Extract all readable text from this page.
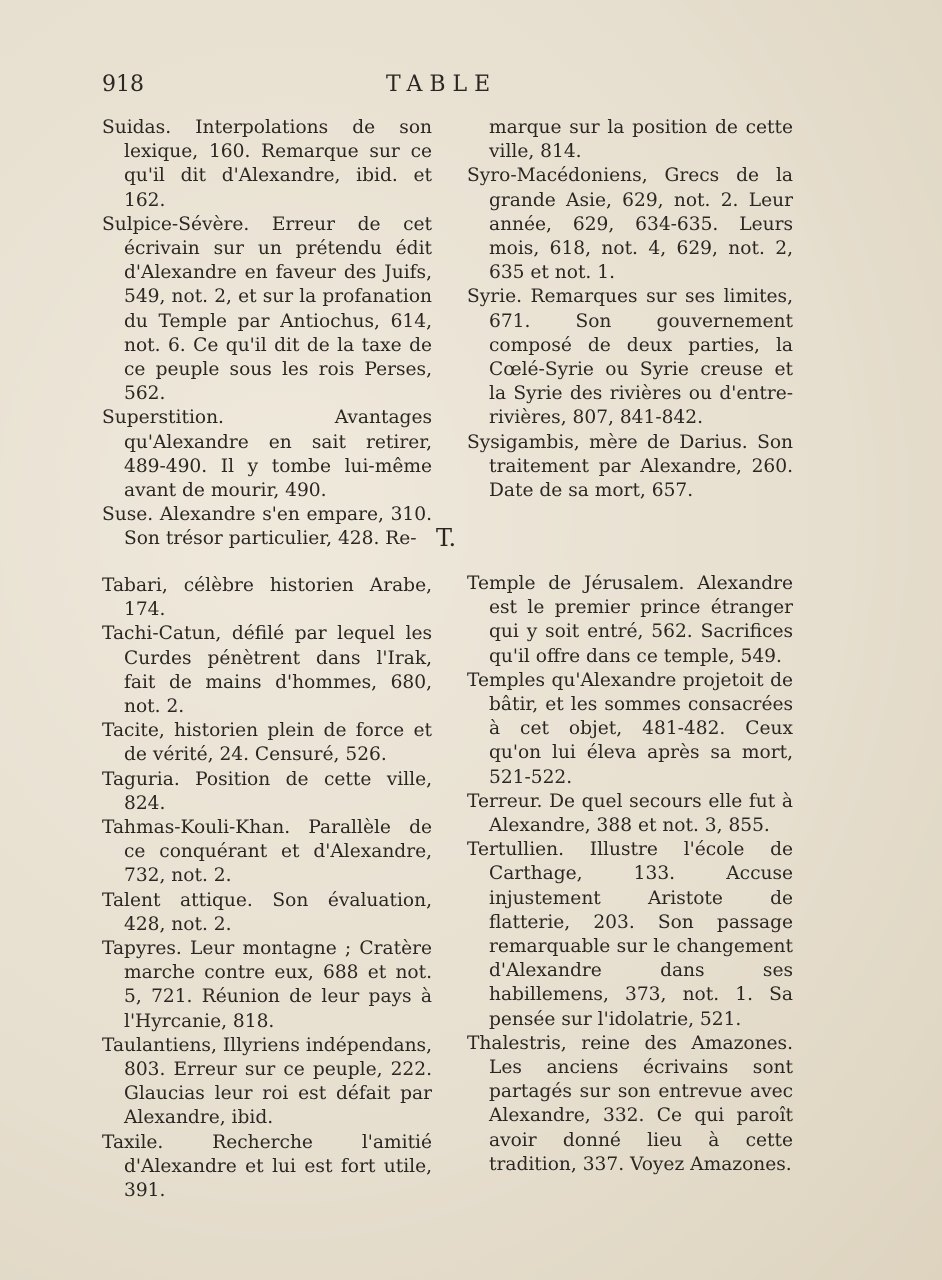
918	TABLE

Suidas. Interpolations de son lexique, 160. Remarque sur ce qu'il dit d'Alexandre, ibid. et 162.

Sulpice-Sévère. Erreur de cet écrivain sur un prétendu édit d'Alexandre en faveur des Juifs, 549, not. 2, et sur la profanation du Temple par Antiochus, 614, not. 6. Ce qu'il dit de la taxe de ce peuple sous les rois Perses, 562.

Superstition. Avantages qu'Alexandre en sait retirer, 489-490. Il y tombe lui-même avant de mourir, 490.

Suse. Alexandre s'en empare, 310. Son trésor particulier, 428. Re-

marque sur la position de cette ville, 814.

Syro-Macédoniens, Grecs de la grande Asie, 629, not. 2. Leur année, 629, 634-635. Leurs mois, 618, not. 4, 629, not. 2, 635 et not. 1.

Syrie. Remarques sur ses limites, 671. Son gouvernement composé de deux parties, la Cœlé-Syrie ou Syrie creuse et la Syrie des rivières ou d'entre-rivières, 807, 841-842.

Sysigambis, mère de Darius. Son traitement par Alexandre, 260. Date de sa mort, 657.

T.

Tabari, célèbre historien Arabe, 174.

Tachi-Catun, défilé par lequel les Curdes pénètrent dans l'Irak, fait de mains d'hommes, 680, not. 2.

Tacite, historien plein de force et de vérité, 24. Censuré, 526.

Taguria. Position de cette ville, 824.

Tahmas-Kouli-Khan. Parallèle de ce conquérant et d'Alexandre, 732, not. 2.

Talent attique. Son évaluation, 428, not. 2.

Tapyres. Leur montagne ; Cratère marche contre eux, 688 et not. 5, 721. Réunion de leur pays à l'Hyrcanie, 818.

Taulantiens, Illyriens indépendans, 803. Erreur sur ce peuple, 222. Glaucias leur roi est défait par Alexandre, ibid.

Taxile. Recherche l'amitié d'Alexandre et lui est fort utile, 391.

Temple de Jérusalem. Alexandre est le premier prince étranger qui y soit entré, 562. Sacrifices qu'il offre dans ce temple, 549.

Temples qu'Alexandre projetoit de bâtir, et les sommes consacrées à cet objet, 481-482. Ceux qu'on lui éleva après sa mort, 521-522.

Terreur. De quel secours elle fut à Alexandre, 388 et not. 3, 855.

Tertullien. Illustre l'école de Carthage, 133. Accuse injustement Aristote de flatterie, 203. Son passage remarquable sur le changement d'Alexandre dans ses habillemens, 373, not. 1. Sa pensée sur l'idolatrie, 521.

Thalestris, reine des Amazones. Les anciens écrivains sont partagés sur son entrevue avec Alexandre, 332. Ce qui paroît avoir donné lieu à cette tradition, 337. Voyez Amazones.
